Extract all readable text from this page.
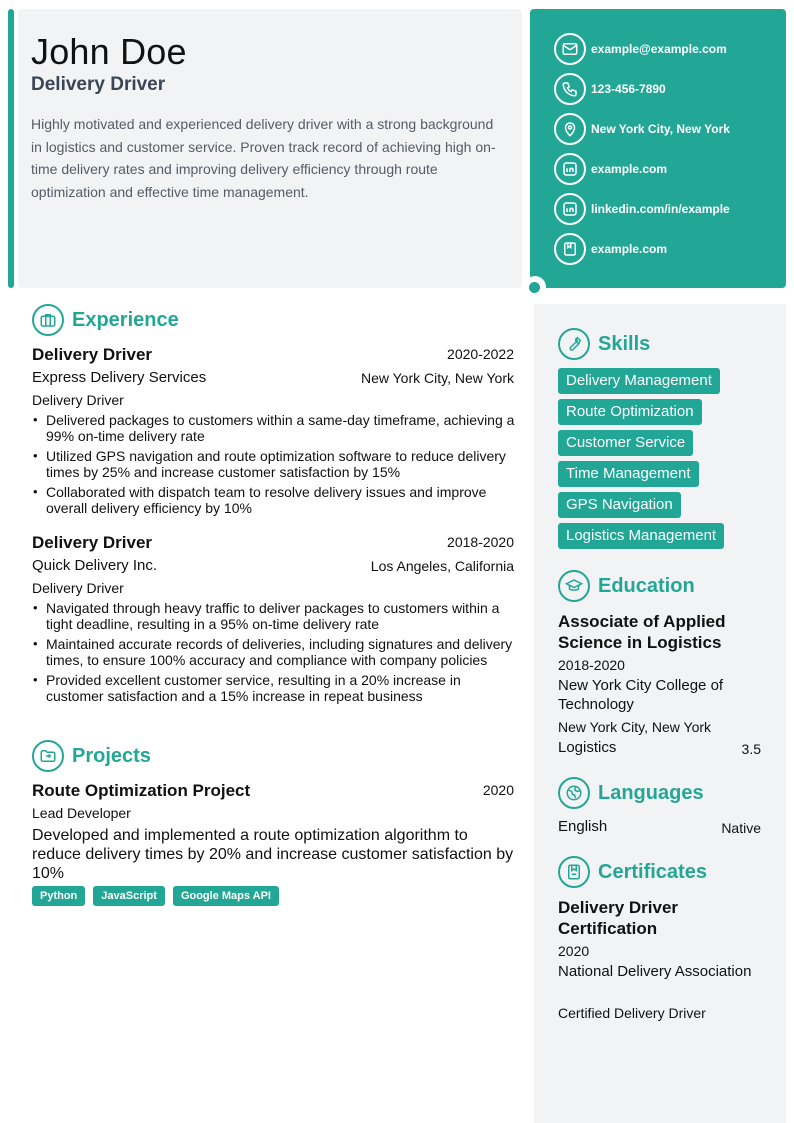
John Doe
Delivery Driver
Highly motivated and experienced delivery driver with a strong background in logistics and customer service. Proven track record of achieving high on-time delivery rates and improving delivery efficiency through route optimization and effective time management.
example@example.com
123-456-7890
New York City, New York
example.com
linkedin.com/in/example
example.com
Experience
Delivery Driver	2020-2022
Express Delivery Services	New York City, New York
Delivery Driver
• Delivered packages to customers within a same-day timeframe, achieving a 99% on-time delivery rate
• Utilized GPS navigation and route optimization software to reduce delivery times by 25% and increase customer satisfaction by 15%
• Collaborated with dispatch team to resolve delivery issues and improve overall delivery efficiency by 10%
Delivery Driver	2018-2020
Quick Delivery Inc.	Los Angeles, California
Delivery Driver
• Navigated through heavy traffic to deliver packages to customers within a tight deadline, resulting in a 95% on-time delivery rate
• Maintained accurate records of deliveries, including signatures and delivery times, to ensure 100% accuracy and compliance with company policies
• Provided excellent customer service, resulting in a 20% increase in customer satisfaction and a 15% increase in repeat business
Projects
Route Optimization Project	2020
Lead Developer
Developed and implemented a route optimization algorithm to reduce delivery times by 20% and increase customer satisfaction by 10%
Python	JavaScript	Google Maps API
Skills
Delivery Management
Route Optimization
Customer Service
Time Management
GPS Navigation
Logistics Management
Education
Associate of Applied Science in Logistics
2018-2020
New York City College of Technology
New York City, New York
Logistics	3.5
Languages
English	Native
Certificates
Delivery Driver Certification
2020
National Delivery Association
Certified Delivery Driver
